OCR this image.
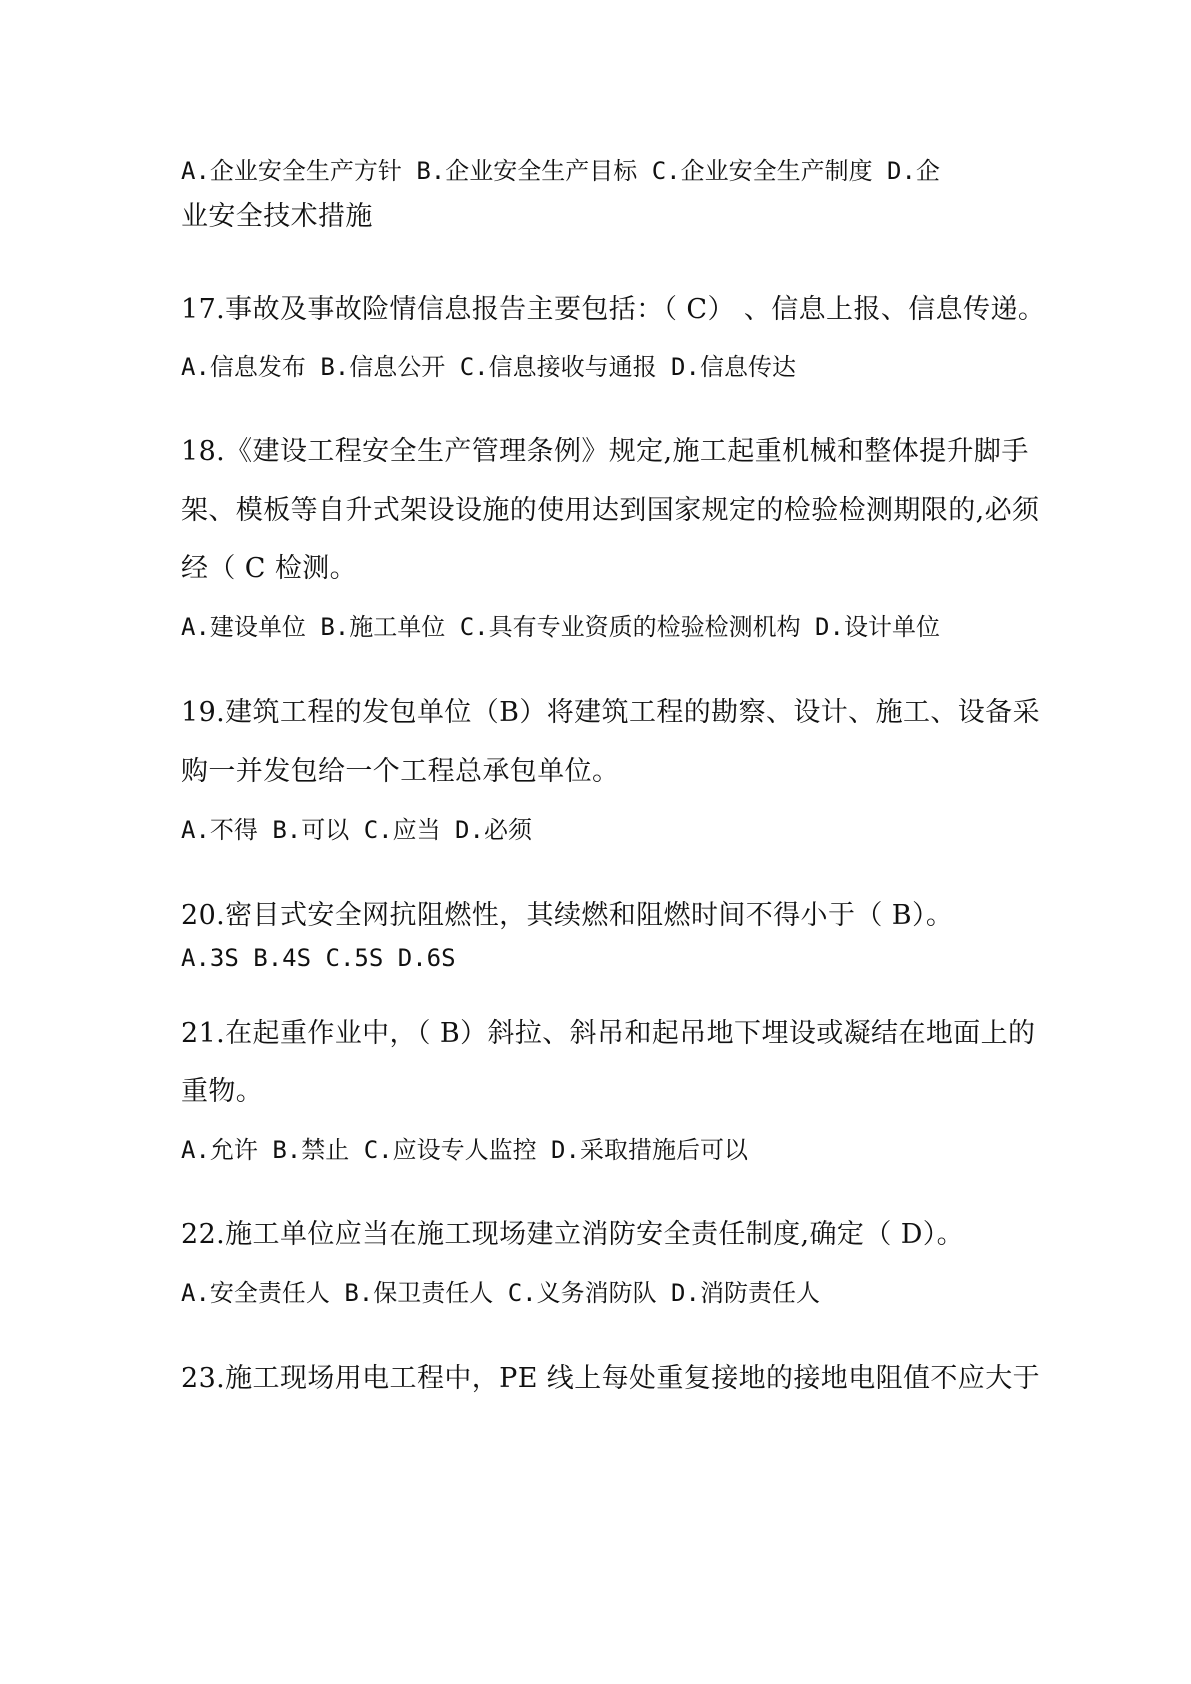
A.企业安全生产方针 B.企业安全生产目标 C.企业安全生产制度 D.企
业安全技术措施
17.事故及事故险情信息报告主要包括：（ C） 、信息上报、信息传递。
A.信息发布 B.信息公开 C.信息接收与通报 D.信息传达
18.《建设工程安全生产管理条例》规定,施工起重机械和整体提升脚手
架、模板等自升式架设设施的使用达到国家规定的检验检测期限的,必须
经（ C 检测。
A.建设单位 B.施工单位 C.具有专业资质的检验检测机构 D.设计单位
19.建筑工程的发包单位（B）将建筑工程的勘察、设计、施工、设备采
购一并发包给一个工程总承包单位。
A.不得 B.可以 C.应当 D.必须
20.密目式安全网抗阻燃性，其续燃和阻燃时间不得小于（ B）。
A.3S B.4S C.5S D.6S
21.在起重作业中，（ B）斜拉、斜吊和起吊地下埋设或凝结在地面上的
重物。
A.允许 B.禁止 C.应设专人监控 D.采取措施后可以
22.施工单位应当在施工现场建立消防安全责任制度,确定（ D）。
A.安全责任人 B.保卫责任人 C.义务消防队 D.消防责任人
23.施工现场用电工程中，PE 线上每处重复接地的接地电阻值不应大于
